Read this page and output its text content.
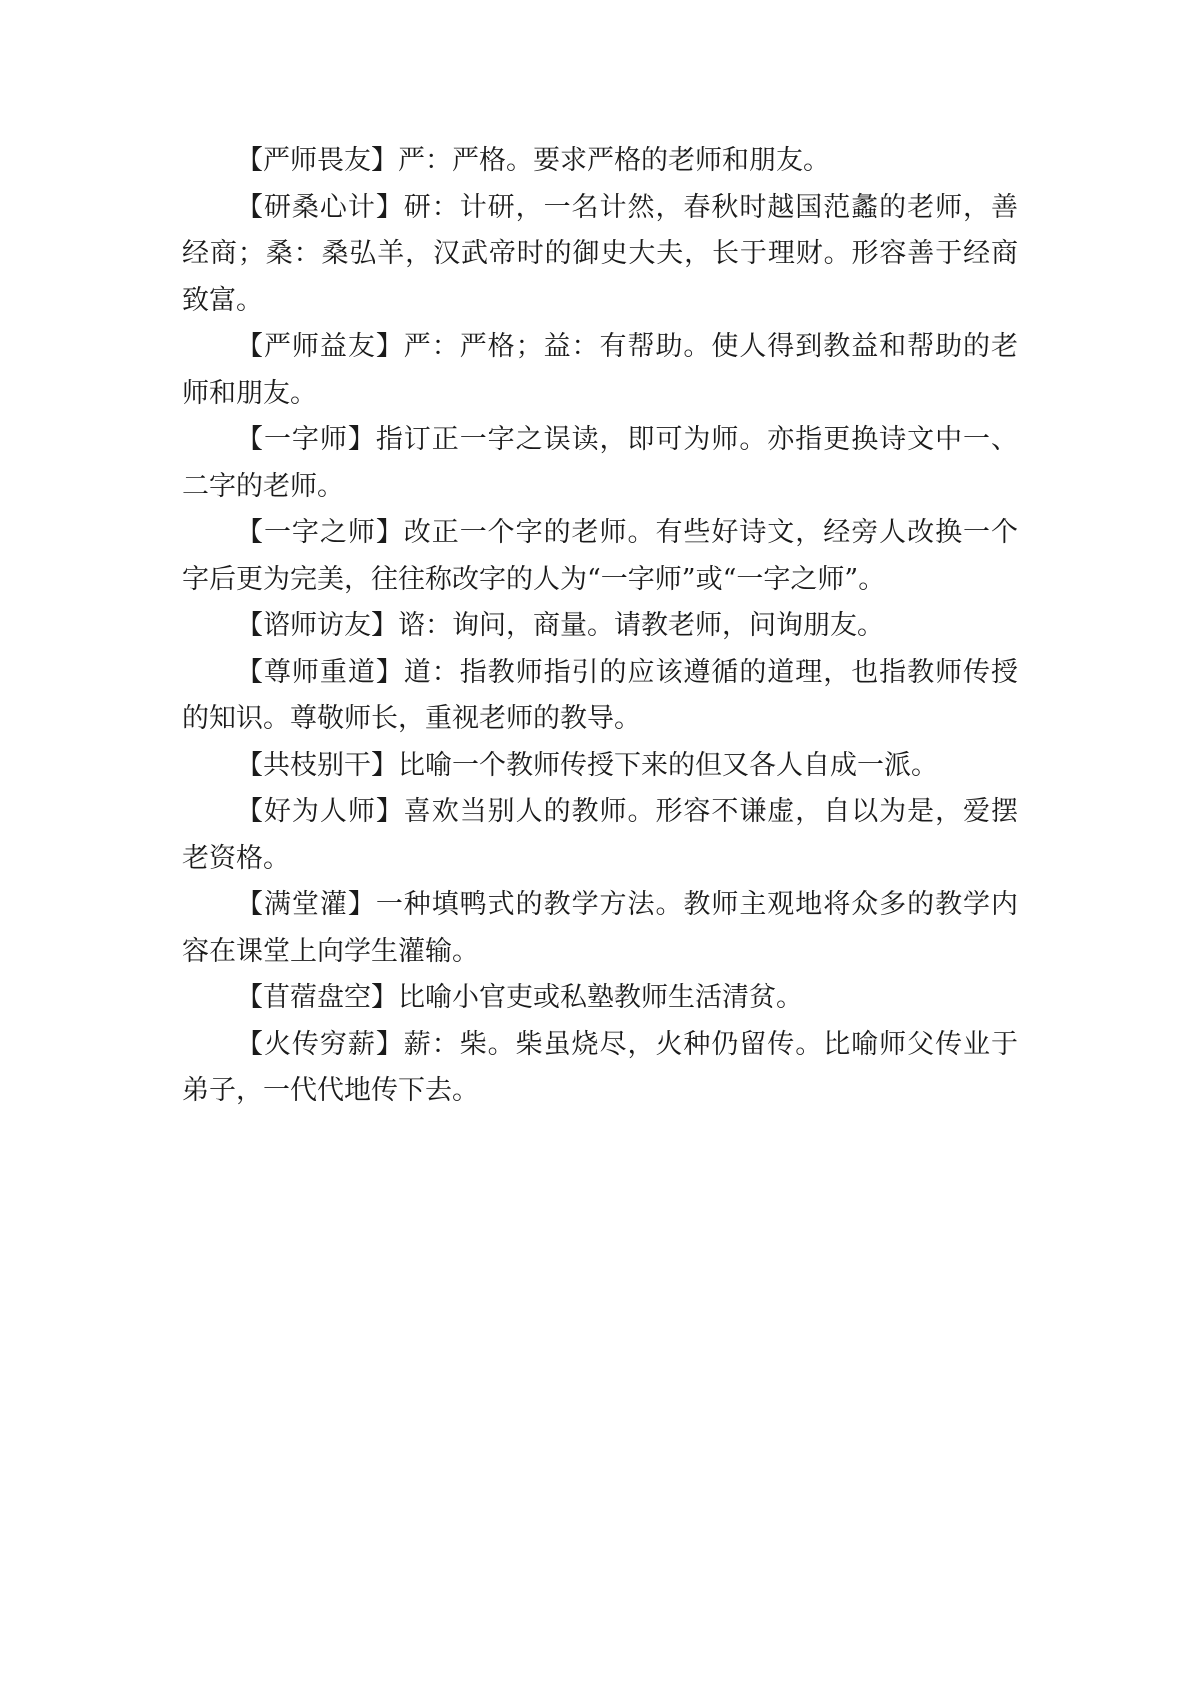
【严师畏友】严：严格。要求严格的老师和朋友。

【研桑心计】研：计研，一名计然，春秋时越国范蠡的老师，善经商；桑：桑弘羊，汉武帝时的御史大夫，长于理财。形容善于经商致富。

【严师益友】严：严格；益：有帮助。使人得到教益和帮助的老师和朋友。

【一字师】指订正一字之误读，即可为师。亦指更换诗文中一、二字的老师。

【一字之师】改正一个字的老师。有些好诗文，经旁人改换一个字后更为完美，往往称改字的人为“一字师”或“一字之师”。

【谘师访友】谘：询问，商量。请教老师，问询朋友。

【尊师重道】道：指教师指引的应该遵循的道理，也指教师传授的知识。尊敬师长，重视老师的教导。

【共枝别干】比喻一个教师传授下来的但又各人自成一派。

【好为人师】喜欢当别人的教师。形容不谦虚，自以为是，爱摆老资格。

【满堂灌】一种填鸭式的教学方法。教师主观地将众多的教学内容在课堂上向学生灌输。

【苜蓿盘空】比喻小官吏或私塾教师生活清贫。

【火传穷薪】薪：柴。柴虽烧尽，火种仍留传。比喻师父传业于弟子，一代代地传下去。
